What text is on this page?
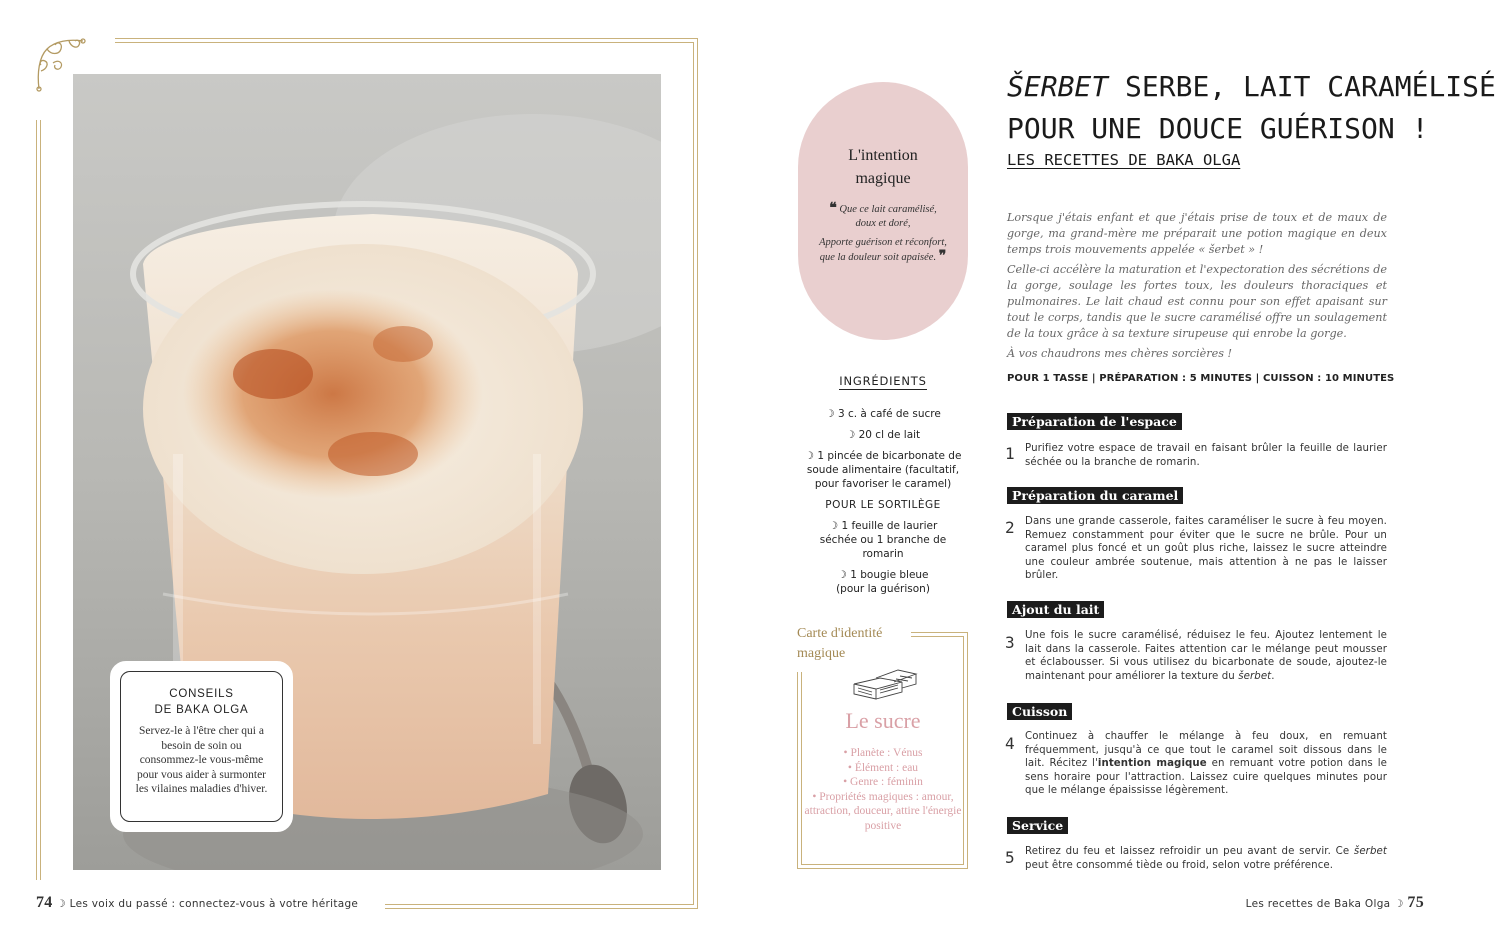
CONSEILS
DE BAKA OLGA
Servez-le à l'être cher qui a besoin de soin ou consommez-le vous-même pour vous aider à surmonter les vilaines maladies d'hiver.
74 ☽ Les voix du passé : connectez-vous à votre héritage
L'intention
magique
❝ Que ce lait caramélisé, doux et doré,
Apporte guérison et réconfort, que la douleur soit apaisée. ❞
INGRÉDIENTS
☽ 3 c. à café de sucre
☽ 20 cl de lait
☽ 1 pincée de bicarbonate de soude alimentaire (facultatif, pour favoriser le caramel)
POUR LE SORTILÈGE
☽ 1 feuille de laurier séchée ou 1 branche de romarin
☽ 1 bougie bleue (pour la guérison)
Carte d'identité
magique
Le sucre
• Planète : Vénus
• Élément : eau
• Genre : féminin
• Propriétés magiques : amour, attraction, douceur, attire l'énergie positive
ŠERBET SERBE, LAIT CARAMÉLISÉ
POUR UNE DOUCE GUÉRISON !
LES RECETTES DE BAKA OLGA

Lorsque j'étais enfant et que j'étais prise de toux et de maux de gorge, ma grand-mère me préparait une potion magique en deux temps trois mouvements appelée « šerbet » !

Celle-ci accélère la maturation et l'expectoration des sécrétions de la gorge, soulage les fortes toux, les douleurs thoraciques et pulmonaires. Le lait chaud est connu pour son effet apaisant sur tout le corps, tandis que le sucre caramélisé offre un soulagement de la toux grâce à sa texture sirupeuse qui enrobe la gorge.

À vos chaudrons mes chères sorcières !

POUR 1 TASSE | PRÉPARATION : 5 MINUTES | CUISSON : 10 MINUTES
Préparation de l'espace
1 Purifiez votre espace de travail en faisant brûler la feuille de laurier séchée ou la branche de romarin.
Préparation du caramel
2 Dans une grande casserole, faites caraméliser le sucre à feu moyen. Remuez constamment pour éviter que le sucre ne brûle. Pour un caramel plus foncé et un goût plus riche, laissez le sucre atteindre une couleur ambrée soutenue, mais attention à ne pas le laisser brûler.
Ajout du lait
3 Une fois le sucre caramélisé, réduisez le feu. Ajoutez lentement le lait dans la casserole. Faites attention car le mélange peut mousser et éclabousser. Si vous utilisez du bicarbonate de soude, ajoutez-le maintenant pour améliorer la texture du šerbet.
Cuisson
4 Continuez à chauffer le mélange à feu doux, en remuant fréquemment, jusqu'à ce que tout le caramel soit dissous dans le lait. Récitez l'intention magique en remuant votre potion dans le sens horaire pour l'attraction. Laissez cuire quelques minutes pour que le mélange épaississe légèrement.
Service
5 Retirez du feu et laissez refroidir un peu avant de servir. Ce šerbet peut être consommé tiède ou froid, selon votre préférence.
Les recettes de Baka Olga ☽ 75
